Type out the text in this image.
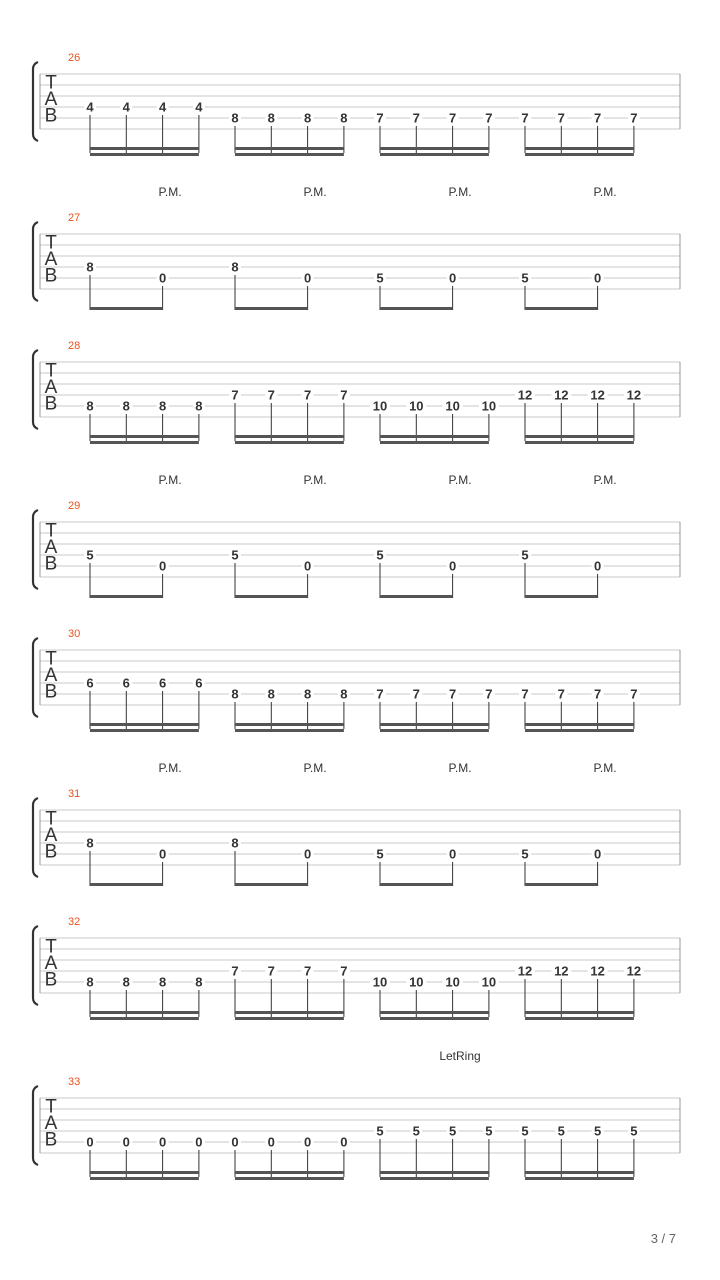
T
A
B
26
4 4 4 4
8 8 8 8 7 7 7 7 7 7 7 7
T
A
B
27
P.M.	P.M.	P.M.	P.M.
8
0
8
0	5	0	5	0
T
A
B
28
8 8 8 8
7 7 7 7
10 10 10 10
12 12 12 12
T
A
B
29
P.M.	P.M.	P.M.	P.M.
5
0
5
0
5
0
5
0
T
A
B
30
6 6 6 6
8 8 8 8 7 7 7 7 7 7 7 7
T
A
B
31
P.M.	P.M.	P.M.	P.M.
8
0
8
0	5	0	5	0
T
A
B
32
8 8 8 8
7 7 7 7
10 10 10 10
12 12 12 12
T
A
B
33
LetRing
0 0 0 0 0 0 0 0
5 5 5 5 5 5 5 5
3 / 7
